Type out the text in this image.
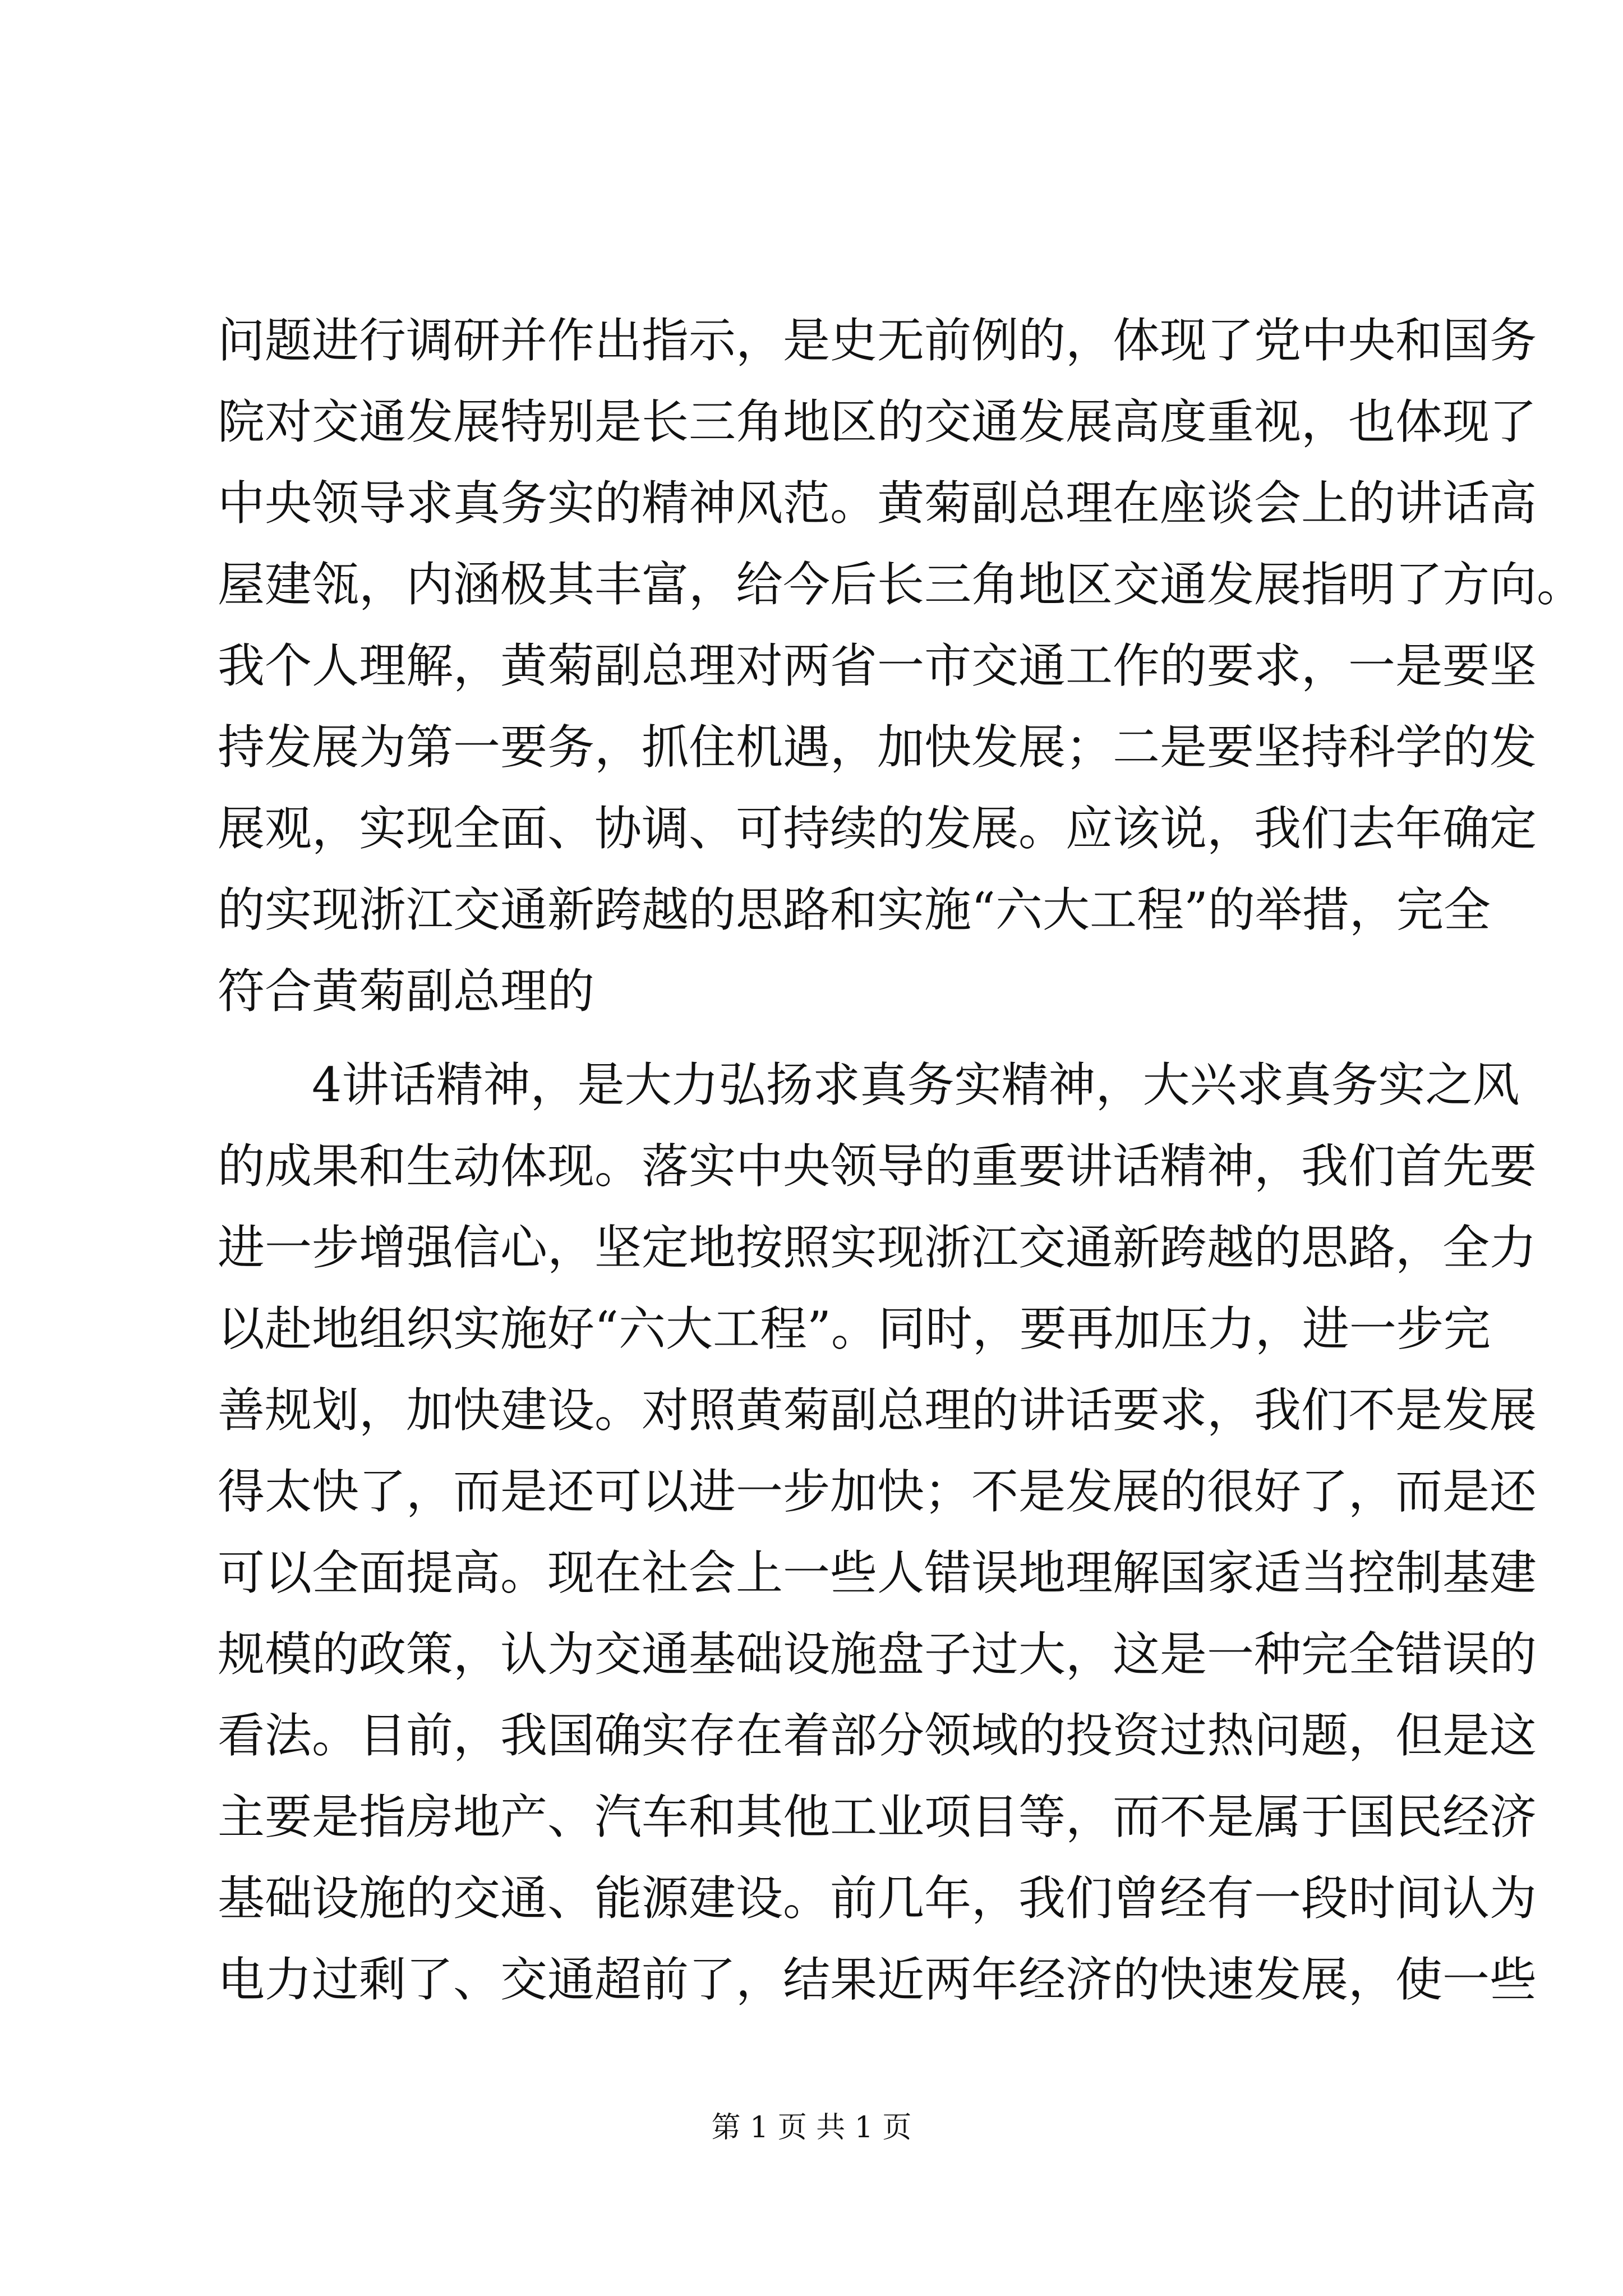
问题进行调研并作出指示，是史无前例的，体现了党中央和国务
院对交通发展特别是长三角地区的交通发展高度重视，也体现了
中央领导求真务实的精神风范。黄菊副总理在座谈会上的讲话高
屋建瓴，内涵极其丰富，给今后长三角地区交通发展指明了方向。
我个人理解，黄菊副总理对两省一市交通工作的要求，一是要坚
持发展为第一要务，抓住机遇，加快发展；二是要坚持科学的发
展观，实现全面、协调、可持续的发展。应该说，我们去年确定
的实现浙江交通新跨越的思路和实施“六大工程”的举措，完全
符合黄菊副总理的
　　4讲话精神，是大力弘扬求真务实精神，大兴求真务实之风
的成果和生动体现。落实中央领导的重要讲话精神，我们首先要
进一步增强信心，坚定地按照实现浙江交通新跨越的思路，全力
以赴地组织实施好“六大工程”。同时，要再加压力，进一步完
善规划，加快建设。对照黄菊副总理的讲话要求，我们不是发展
得太快了，而是还可以进一步加快；不是发展的很好了，而是还
可以全面提高。现在社会上一些人错误地理解国家适当控制基建
规模的政策，认为交通基础设施盘子过大，这是一种完全错误的
看法。目前，我国确实存在着部分领域的投资过热问题，但是这
主要是指房地产、汽车和其他工业项目等，而不是属于国民经济
基础设施的交通、能源建设。前几年，我们曾经有一段时间认为
电力过剩了、交通超前了，结果近两年经济的快速发展，使一些
第 1 页 共 1 页
